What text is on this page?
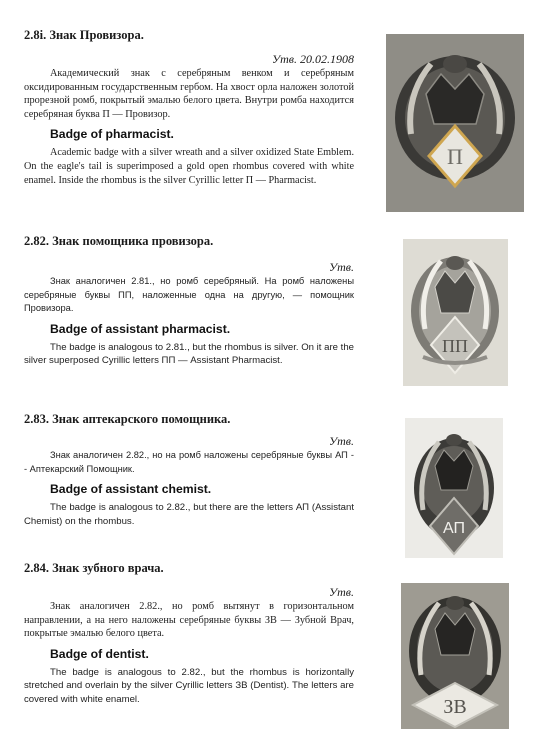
2.8i. Знак Провизора.

Утв. 20.02.1908

Академический знак с серебряным венком и серебряным оксидированным государственным гербом. На хвост орла наложен золотой прорезной ромб, покрытый эмалью белого цвета. Внутри ромба находится серебряная буква П — Провизор.

Badge of pharmacist.

Academic badge with a silver wreath and a silver oxidized State Emblem. On the eagle's tail is superimposed a gold open rhombus covered with white enamel. Inside the rhombus is the silver Cyrillic letter П — Pharmacist.

2.82. Знак помощника провизора.

Утв.

Знак аналогичен 2.81., но ромб серебряный. На ромб наложены серебряные буквы ПП, наложенные одна на другую, — помощник Провизора.

Badge of assistant pharmacist.

The badge is analogous to 2.81., but the rhombus is silver. On it are the silver superposed Cyrillic letters ПП — Assistant Pharmacist.

2.83. Знак аптекарского помощника.

Утв.

Знак аналогичен 2.82., но на ромб наложены серебряные буквы АП - - Аптекарский Помощник.

Badge of assistant chemist.

The badge is analogous to 2.82., but there are the letters АП (Assistant Chemist) on the rhombus.

2.84. Знак зубного врача.

Утв.

Знак аналогичен 2.82., но ромб вытянут в горизонтальном направлении, а на него наложены серебряные буквы ЗВ — Зубной Врач, покрытые эмалью белого цвета.

Badge of dentist.

The badge is analogous to 2.82., but the rhombus is horizontally stretched and overlain by the silver Cyrillic letters ЗВ (Dentist). The letters are covered with white enamel.

П
ПП
АП
ЗВ
